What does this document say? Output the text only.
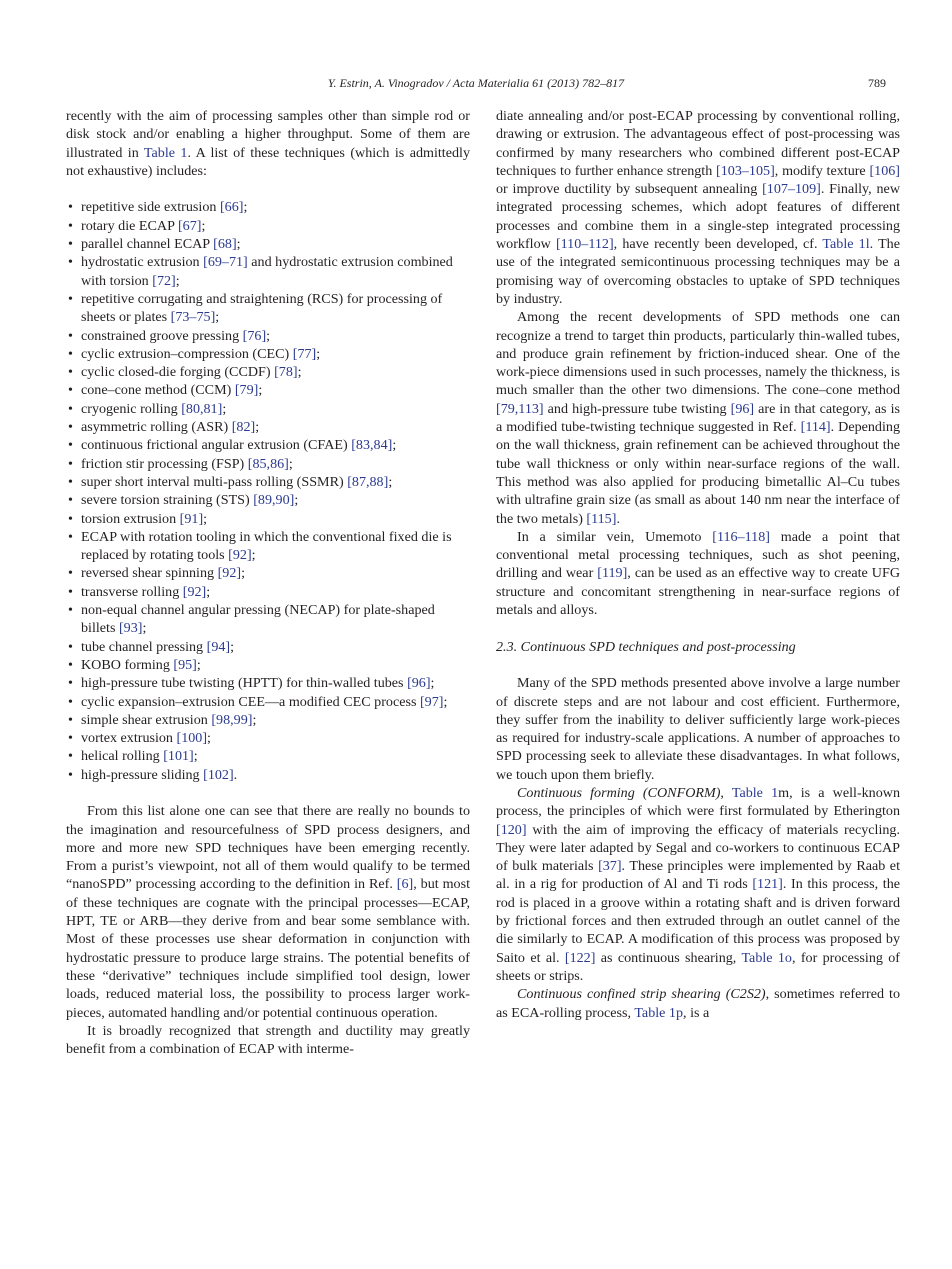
Y. Estrin, A. Vinogradov / Acta Materialia 61 (2013) 782–817	789

recently with the aim of processing samples other than simple rod or disk stock and/or enabling a higher throughput. Some of them are illustrated in Table 1. A list of these techniques (which is admittedly not exhaustive) includes:

• repetitive side extrusion [66];
• rotary die ECAP [67];
• parallel channel ECAP [68];
• hydrostatic extrusion [69–71] and hydrostatic extrusion combined with torsion [72];
• repetitive corrugating and straightening (RCS) for processing of sheets or plates [73–75];
• constrained groove pressing [76];
• cyclic extrusion–compression (CEC) [77];
• cyclic closed-die forging (CCDF) [78];
• cone–cone method (CCM) [79];
• cryogenic rolling [80,81];
• asymmetric rolling (ASR) [82];
• continuous frictional angular extrusion (CFAE) [83,84];
• friction stir processing (FSP) [85,86];
• super short interval multi-pass rolling (SSMR) [87,88];
• severe torsion straining (STS) [89,90];
• torsion extrusion [91];
• ECAP with rotation tooling in which the conventional fixed die is replaced by rotating tools [92];
• reversed shear spinning [92];
• transverse rolling [92];
• non-equal channel angular pressing (NECAP) for plate-shaped billets [93];
• tube channel pressing [94];
• KOBO forming [95];
• high-pressure tube twisting (HPTT) for thin-walled tubes [96];
• cyclic expansion–extrusion CEE—a modified CEC process [97];
• simple shear extrusion [98,99];
• vortex extrusion [100];
• helical rolling [101];
• high-pressure sliding [102].

From this list alone one can see that there are really no bounds to the imagination and resourcefulness of SPD process designers, and more and more new SPD techniques have been emerging recently. From a purist’s viewpoint, not all of them would qualify to be termed “nanoSPD” processing according to the definition in Ref. [6], but most of these techniques are cognate with the principal processes—ECAP, HPT, TE or ARB—they derive from and bear some semblance with. Most of these processes use shear deformation in conjunction with hydrostatic pressure to produce large strains. The potential benefits of these “derivative” techniques include simplified tool design, lower loads, reduced material loss, the possibility to process larger work-pieces, automated handling and/or potential continuous operation.

It is broadly recognized that strength and ductility may greatly benefit from a combination of ECAP with interme-

diate annealing and/or post-ECAP processing by conventional rolling, drawing or extrusion. The advantageous effect of post-processing was confirmed by many researchers who combined different post-ECAP techniques to further enhance strength [103–105], modify texture [106] or improve ductility by subsequent annealing [107–109]. Finally, new integrated processing schemes, which adopt features of different processes and combine them in a single-step integrated processing workflow [110–112], have recently been developed, cf. Table 1l. The use of the integrated semicontinuous processing techniques may be a promising way of overcoming obstacles to uptake of SPD techniques by industry.

Among the recent developments of SPD methods one can recognize a trend to target thin products, particularly thin-walled tubes, and produce grain refinement by friction-induced shear. One of the work-piece dimensions used in such processes, namely the thickness, is much smaller than the other two dimensions. The cone–cone method [79,113] and high-pressure tube twisting [96] are in that category, as is a modified tube-twisting technique suggested in Ref. [114]. Depending on the wall thickness, grain refinement can be achieved throughout the tube wall thickness or only within near-surface regions of the wall. This method was also applied for producing bimetallic Al–Cu tubes with ultrafine grain size (as small as about 140 nm near the interface of the two metals) [115].

In a similar vein, Umemoto [116–118] made a point that conventional metal processing techniques, such as shot peening, drilling and wear [119], can be used as an effective way to create UFG structure and concomitant strengthening in near-surface regions of metals and alloys.

2.3. Continuous SPD techniques and post-processing

Many of the SPD methods presented above involve a large number of discrete steps and are not labour and cost efficient. Furthermore, they suffer from the inability to deliver sufficiently large work-pieces as required for industry-scale applications. A number of approaches to SPD processing seek to alleviate these disadvantages. In what follows, we touch upon them briefly.

Continuous forming (CONFORM), Table 1m, is a well-known process, the principles of which were first formulated by Etherington [120] with the aim of improving the efficacy of materials recycling. They were later adapted by Segal and co-workers to continuous ECAP of bulk materials [37]. These principles were implemented by Raab et al. in a rig for production of Al and Ti rods [121]. In this process, the rod is placed in a groove within a rotating shaft and is driven forward by frictional forces and then extruded through an outlet cannel of the die similarly to ECAP. A modification of this process was proposed by Saito et al. [122] as continuous shearing, Table 1o, for processing of sheets or strips.

Continuous confined strip shearing (C2S2), sometimes referred to as ECA-rolling process, Table 1p, is a
